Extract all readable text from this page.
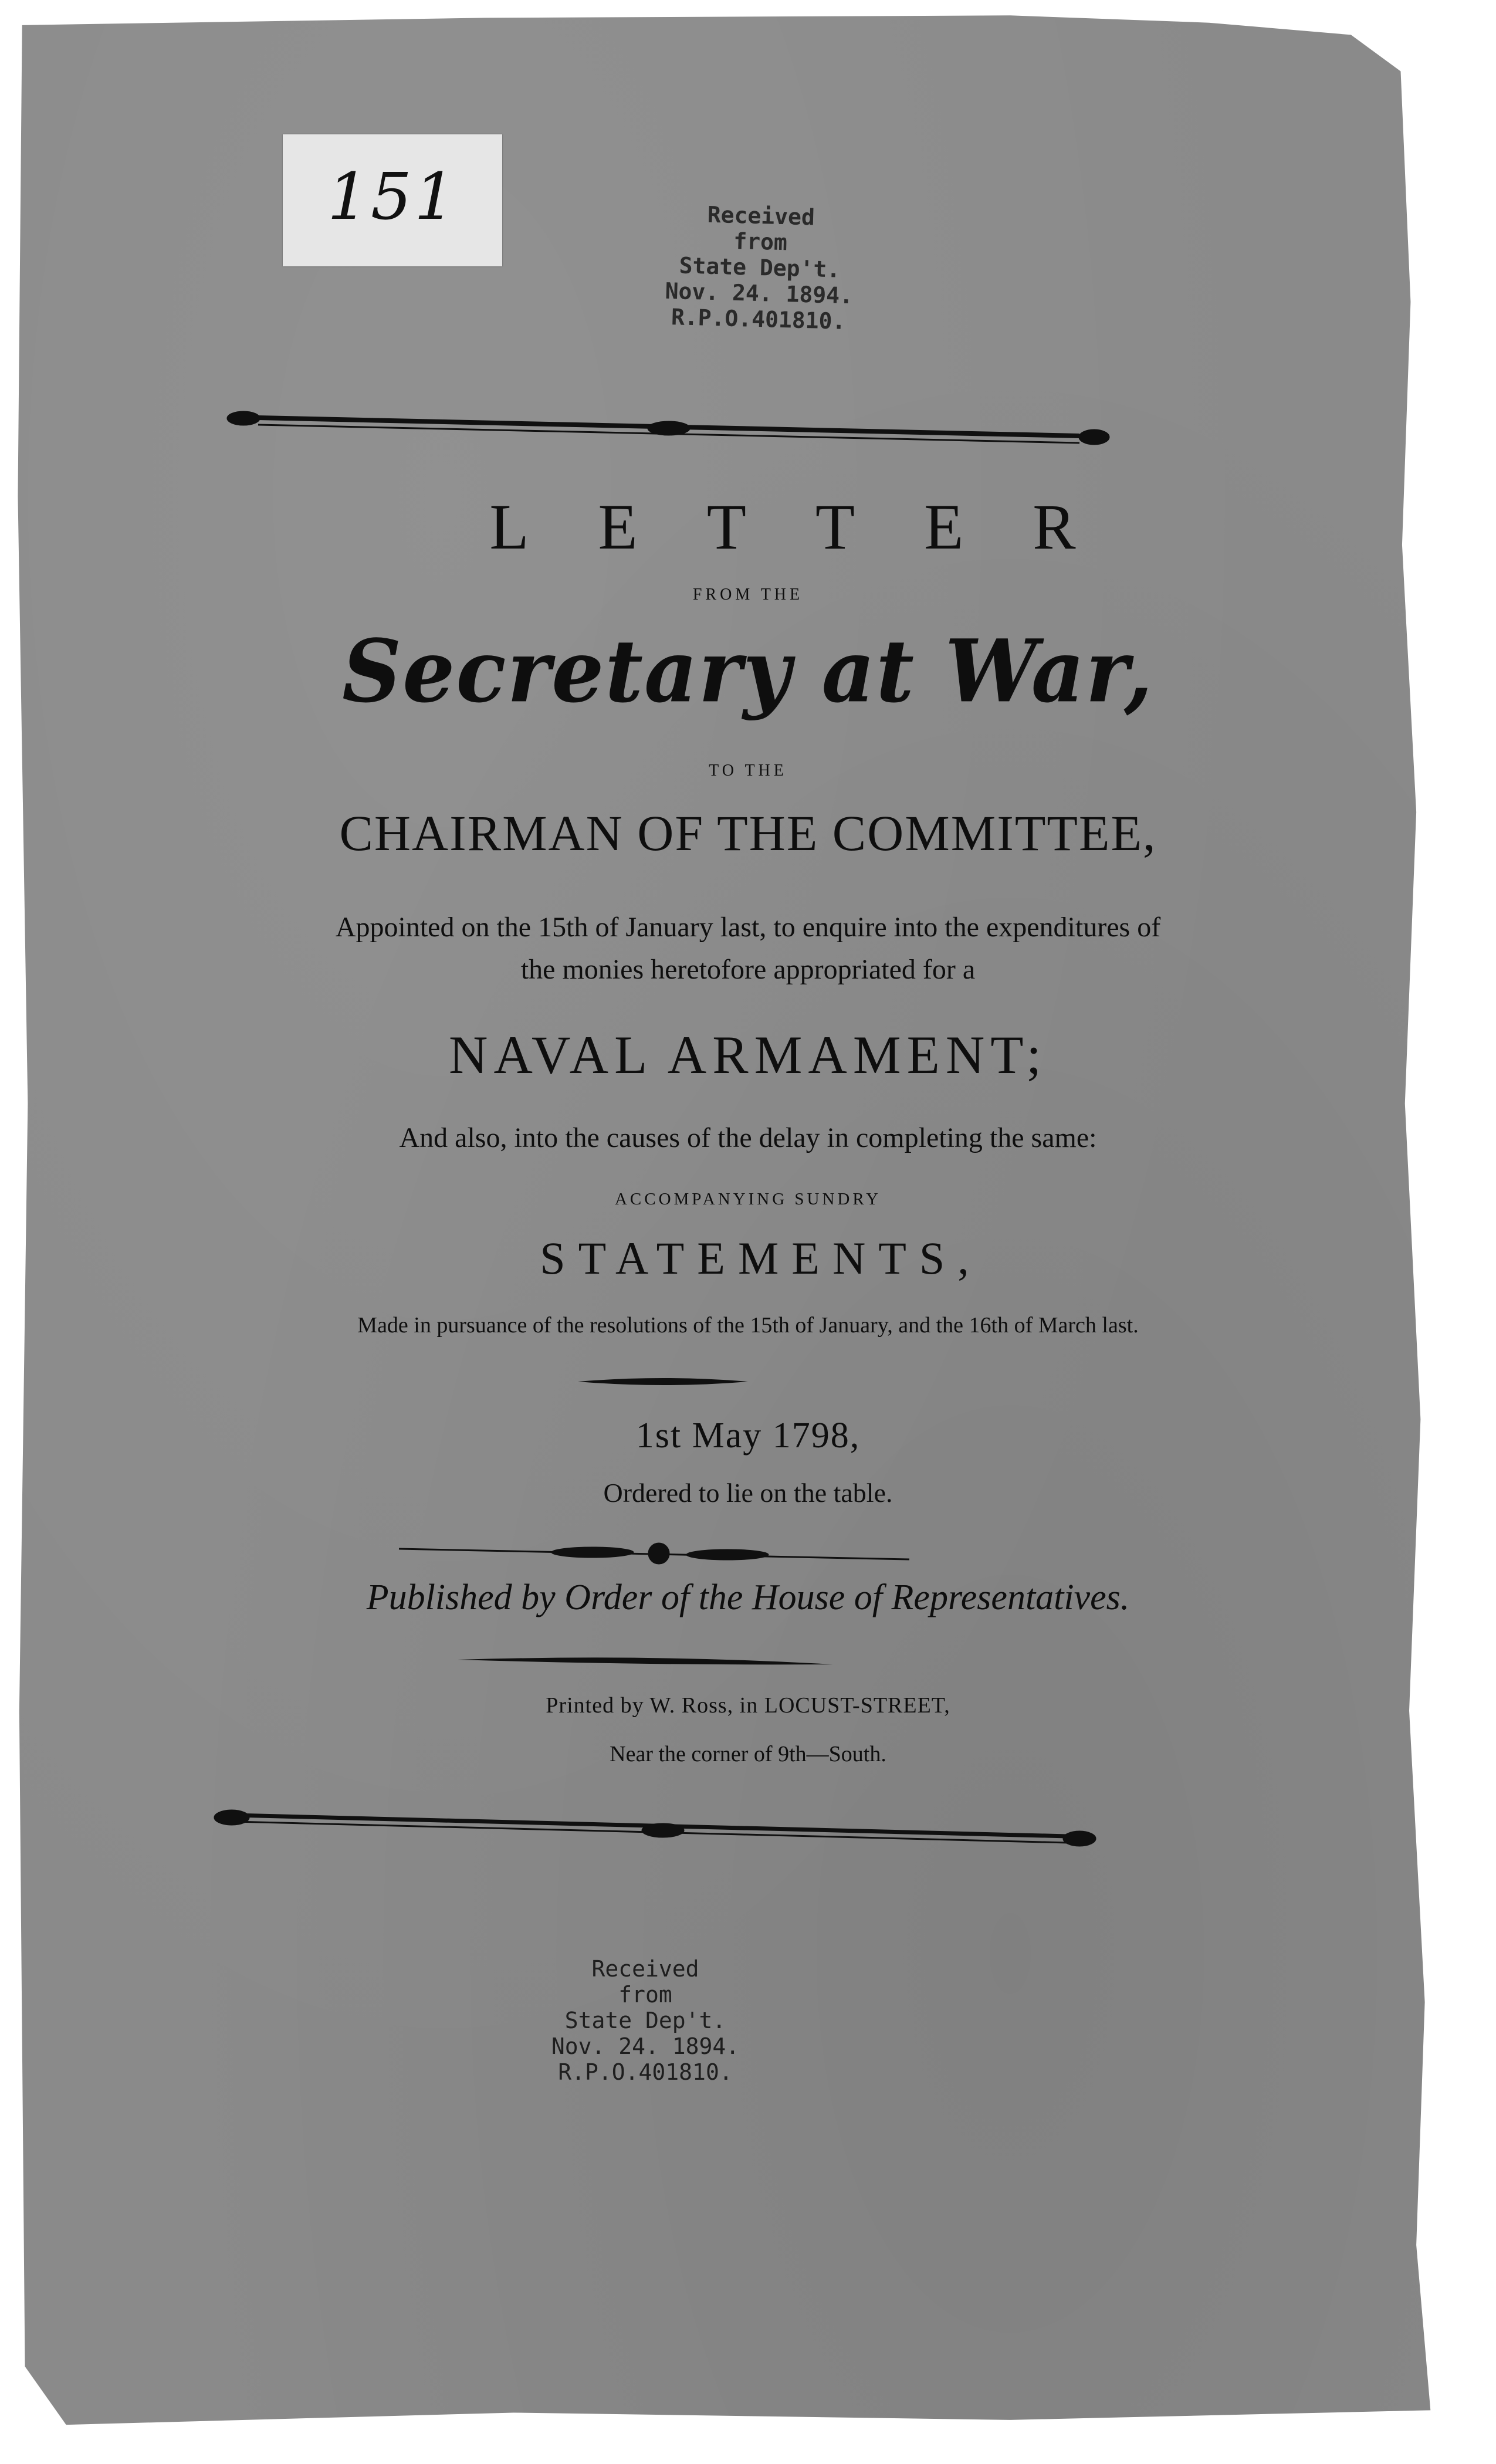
151	Received
from
State Dep't.
Nov. 24. 1894.
R.P.O.401810.
LETTER
FROM THE
Secretary at War,
TO THE
CHAIRMAN OF THE COMMITTEE,
Appointed on the 15th of January last, to enquire into the expenditures of
the monies heretofore appropriated for a
NAVAL ARMAMENT;
And also, into the causes of the delay in completing the same:
ACCOMPANYING SUNDRY
STATEMENTS,
Made in pursuance of the resolutions of the 15th of January, and the 16th of March last.
1st May 1798,
Ordered to lie on the table.
Published by Order of the House of Representatives.
Printed by W. Ross, in LOCUST-STREET,
Near the corner of 9th—South.
Received
from
State Dep't.
Nov. 24. 1894.
R.P.O.401810.
